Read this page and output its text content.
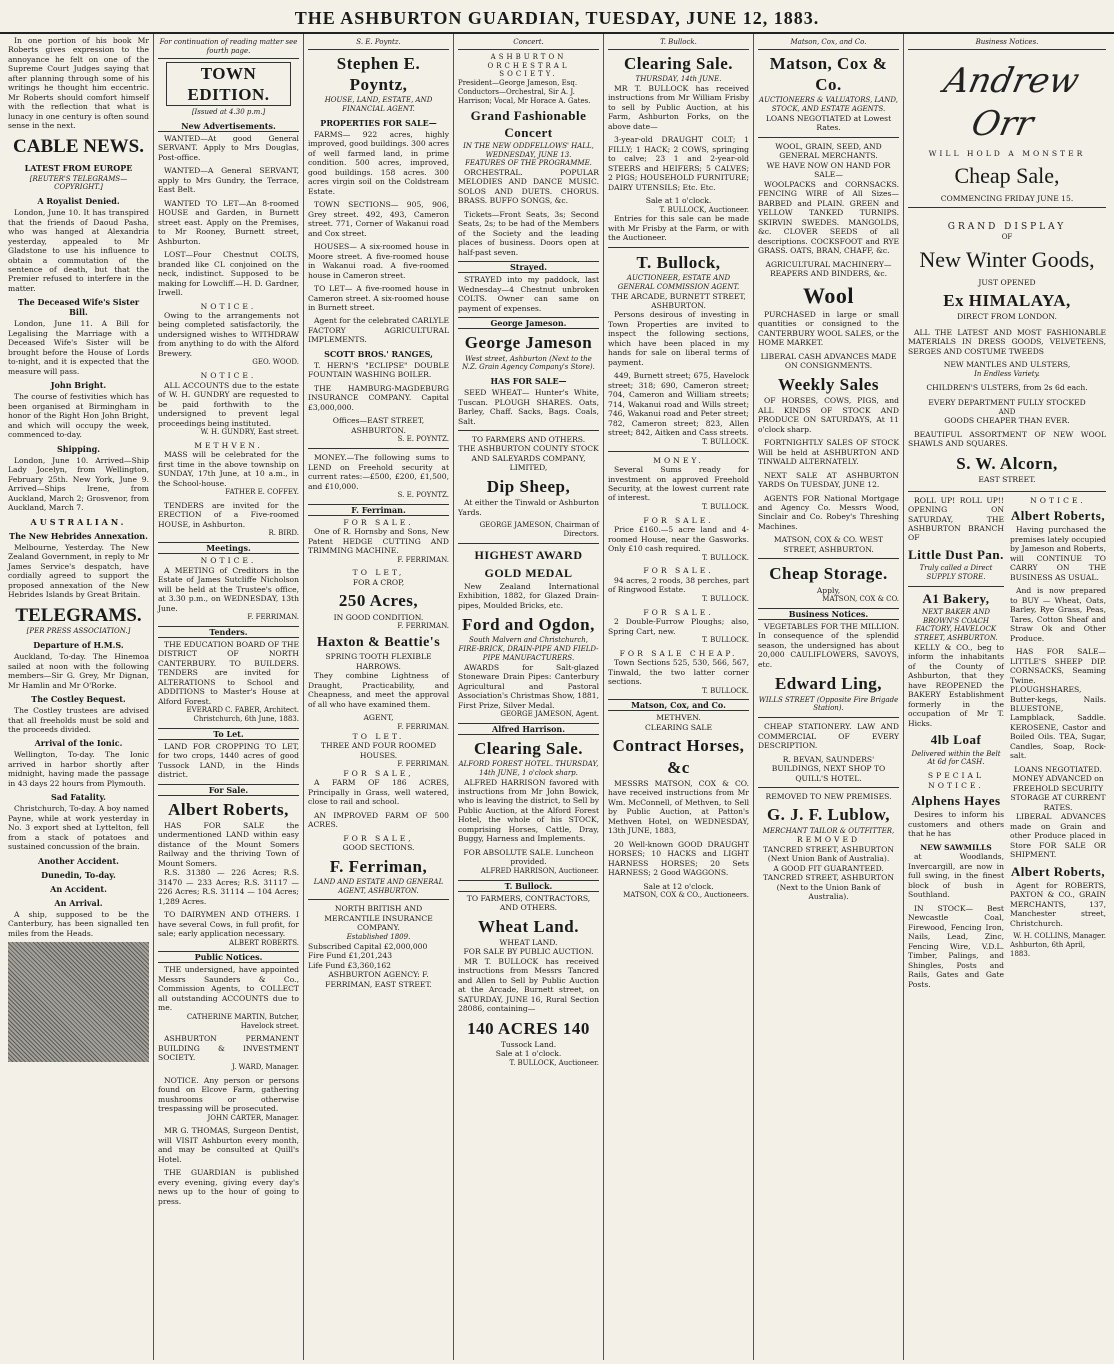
THE ASHBURTON GUARDIAN, TUESDAY, JUNE 12, 1883.

In one portion of his book Mr Roberts gives expression to the annoyance he felt on one of the Supreme Court Judges saying that after planning through some of his writings he thought him eccentric. Mr Roberts should comfort himself with the reflection that what is lunacy in one century is often sound sense in the next.

CABLE NEWS.
LATEST FROM EUROPE
[REUTER'S TELEGRAMS—COPYRIGHT.]
A Royalist Denied.

London, June 10. It has transpired that the friends of Daoud Pasha, who was hanged at Alexandria yesterday, appealed to Mr Gladstone to use his influence to obtain a commutation of the sentence of death, but that the Premier refused to interfere in the matter.

The Deceased Wife's Sister Bill.

London, June 11. A Bill for Legalising the Marriage with a Deceased Wife's Sister will be brought before the House of Lords to-night, and it is expected that the measure will pass.

John Bright.

The course of festivities which has been organised at Birmingham in honor of the Right Hon John Bright, and which will occupy the week, commenced to-day.

Shipping.

London, June 10. Arrived—Ship Lady Jocelyn, from Wellington, February 25th. New York, June 9. Arrived—Ships Irene, from Auckland, March 2; Grosvenor, from Auckland, March 7.

AUSTRALIAN.
The New Hebrides Annexation.

Melbourne, Yesterday. The New Zealand Government, in reply to Mr James Service's despatch, have cordially agreed to support the proposed annexation of the New Hebrides Islands by Great Britain.

TELEGRAMS.
[PER PRESS ASSOCIATION.]
Departure of H.M.S.

Auckland, To-day. The Hinemoa sailed at noon with the following members—Sir G. Grey, Mr Dignan, Mr Hamlin and Mr O'Rorke.

The Costley Bequest.

The Costley trustees are advised that all freeholds must be sold and the proceeds divided.

Arrival of the Ionic.

Wellington, To-day. The Ionic arrived in harbor shortly after midnight, having made the passage in 43 days 22 hours from Plymouth.

Sad Fatality.

Christchurch, To-day. A boy named Payne, while at work yesterday in No. 3 export shed at Lyttelton, fell from a stack of potatoes and sustained concussion of the brain.

Another Accident.
Dunedin, To-day.
An Accident.
An Arrival.

A ship, supposed to be the Canterbury, has been signalled ten miles from the Heads.

For continuation of reading matter see fourth page.
TOWN EDITION.
[Issued at 4.30 p.m.]
New Advertisements.

WANTED—At good General SERVANT. Apply to Mrs Douglas, Post-office.

WANTED—A General SERVANT, apply to Mrs Gundry, the Terrace, East Belt.

WANTED TO LET—An 8-roomed HOUSE and Garden, in Burnett street east. Apply on the Premises, to Mr Rooney, Burnett street, Ashburton.

LOST—Four Chestnut COLTS, branded like CL conjoined on the neck, indistinct. Supposed to be making for Lowcliff.—H. D. Gardner, Irwell.

NOTICE.

Owing to the arrangements not being completed satisfactorily, the undersigned wishes to WITHDRAW from anything to do with the Alford Brewery.

GEO. WOOD.
NOTICE.

ALL ACCOUNTS due to the estate of W. H. GUNDRY are requested to be paid forthwith to the undersigned to prevent legal proceedings being instituted.

W. H. GUNDRY, East street.
METHVEN.

MASS will be celebrated for the first time in the above township on SUNDAY, 17th June, at 10 a.m., in the School-house.

FATHER E. COFFEY.

TENDERS are invited for the ERECTION of a Five-roomed HOUSE, in Ashburton.

R. BIRD.
Meetings.
NOTICE.

A MEETING of Creditors in the Estate of James Sutcliffe Nicholson will be held at the Trustee's office, at 3.30 p.m., on WEDNESDAY, 13th June.

F. FERRIMAN.
Tenders.

THE EDUCATION BOARD OF THE DISTRICT OF NORTH CANTERBURY. TO BUILDERS. TENDERS are invited for ALTERATIONS to School and ADDITIONS to Master's House at Alford Forest.

EVERARD C. FABER, Architect. Christchurch, 6th June, 1883.
To Let.

LAND FOR CROPPING TO LET, for two crops, 1440 acres of good Tussock LAND, in the Hinds district.

For Sale.
Albert Roberts,

HAS FOR SALE the undermentioned LAND within easy distance of the Mount Somers Railway and the thriving Town of Mount Somers.

R.S. 31380 — 226 Acres; R.S. 31470 — 233 Acres; R.S. 31117 — 226 Acres; R.S. 31114 — 104 Acres; 1,289 Acres.

TO DAIRYMEN AND OTHERS. I have several Cows, in full profit, for sale; early application necessary.

ALBERT ROBERTS.
Public Notices.

THE undersigned, have appointed Messrs Saunders & Co., Commission Agents, to COLLECT all outstanding ACCOUNTS due to me.

CATHERINE MARTIN, Butcher, Havelock street.

ASHBURTON PERMANENT BUILDING & INVESTMENT SOCIETY.

J. WARD, Manager.

NOTICE. Any person or persons found on Elcove Farm, gathering mushrooms or otherwise trespassing will be prosecuted.

JOHN CARTER, Manager.

MR G. THOMAS, Surgeon Dentist, will VISIT Ashburton every month, and may be consulted at Quill's Hotel.

THE GUARDIAN is published every evening, giving every day's news up to the hour of going to press.

S. E. Poyntz.
Stephen E. Poyntz,
HOUSE, LAND, ESTATE, AND FINANCIAL AGENT.
PROPERTIES FOR SALE—

FARMS— 922 acres, highly improved, good buildings. 300 acres of well farmed land, in prime condition. 500 acres, improved, good buildings. 158 acres. 300 acres virgin soil on the Coldstream Estate.

TOWN SECTIONS— 905, 906, Grey street. 492, 493, Cameron street. 771, Corner of Wakanui road and Cox street.

HOUSES— A six-roomed house in Moore street. A five-roomed house in Wakanui road. A five-roomed house in Cameron street.

TO LET— A five-roomed house in Cameron street. A six-roomed house in Burnett street.

Agent for the celebrated CARLYLE FACTORY AGRICULTURAL IMPLEMENTS.

SCOTT BROS.' RANGES,

T. HERN'S "ECLIPSE" DOUBLE FOUNTAIN WASHING BOILER.

THE HAMBURG-MAGDEBURG INSURANCE COMPANY. Capital £3,000,000.

Offices—EAST STREET, ASHBURTON.
S. E. POYNTZ.

MONEY.—The following sums to LEND on Freehold security at current rates:—£500, £200, £1,500, and £10,000.

S. E. POYNTZ.
F. Ferriman.
FOR SALE.

One of R. Hornsby and Sons, New Patent HEDGE CUTTING AND TRIMMING MACHINE.

F. FERRIMAN.
TO LET,
FOR A CROP,
250 Acres,
IN GOOD CONDITION.
F. FERRIMAN.
Haxton & Beattie's
SPRING TOOTH FLEXIBLE HARROWS.

They combine Lightness of Draught, Practicability, and Cheapness, and meet the approval of all who have examined them.

AGENT,
F. FERRIMAN.
TO LET.
THREE AND FOUR ROOMED HOUSES.
F. FERRIMAN.
FOR SALE,

A FARM OF 186 ACRES, Principally in Grass, well watered, close to rail and school.

AN IMPROVED FARM OF 500 ACRES.

FOR SALE,
GOOD SECTIONS.
F. Ferriman,
LAND AND ESTATE AND GENERAL AGENT, ASHBURTON.
NORTH BRITISH AND MERCANTILE INSURANCE COMPANY.
Established 1809.
Subscribed Capital £2,000,000
Fire Fund £1,201,243
Life Fund £3,360,162
ASHBURTON AGENCY: F. FERRIMAN, EAST STREET.
Concert.
ASHBURTON ORCHESTRAL SOCIETY.
President—George Jameson, Esq. Conductors—Orchestral, Sir A. J. Harrison; Vocal, Mr Horace A. Gates.
Grand Fashionable Concert
IN THE NEW ODDFELLOWS' HALL, WEDNESDAY, JUNE 13.
FEATURES OF THE PROGRAMME.

ORCHESTRAL. POPULAR MELODIES AND DANCE MUSIC. SOLOS AND DUETS. CHORUS. BRASS. BUFFO SONGS, &c.

Tickets—Front Seats, 3s; Second Seats, 2s; to be had of the Members of the Society and the leading places of business. Doors open at half-past seven.

Strayed.

STRAYED into my paddock, last Wednesday—4 Chestnut unbroken COLTS. Owner can same on payment of expenses.

George Jameson.
George Jameson
West street, Ashburton (Next to the N.Z. Grain Agency Company's Store).
HAS FOR SALE—

SEED WHEAT— Hunter's White, Tuscan. PLOUGH SHARES. Oats, Barley, Chaff. Sacks, Bags. Coals, Salt.

TO FARMERS AND OTHERS.
THE ASHBURTON COUNTY STOCK AND SALEYARDS COMPANY, LIMITED,
Dip Sheep,

At either the Tinwald or Ashburton Yards.

GEORGE JAMESON, Chairman of Directors.
HIGHEST AWARD
GOLD MEDAL

New Zealand International Exhibition, 1882, for Glazed Drain-pipes, Moulded Bricks, etc.

Ford and Ogdon,
South Malvern and Christchurch, FIRE-BRICK, DRAIN-PIPE AND FIELD-PIPE MANUFACTURERS.

AWARDS for Salt-glazed Stoneware Drain Pipes: Canterbury Agricultural and Pastoral Association's Christmas Show, 1881, First Prize, Silver Medal.

GEORGE JAMESON, Agent.
Alfred Harrison.
Clearing Sale.
ALFORD FOREST HOTEL. THURSDAY, 14th JUNE, 1 o'clock sharp.

ALFRED HARRISON favored with instructions from Mr John Bowick, who is leaving the district, to Sell by Public Auction, at the Alford Forest Hotel, the whole of his STOCK, comprising Horses, Cattle, Dray, Buggy, Harness and Implements.

FOR ABSOLUTE SALE. Luncheon provided.
ALFRED HARRISON, Auctioneer.
T. Bullock.
TO FARMERS, CONTRACTORS, AND OTHERS.
Wheat Land.
WHEAT LAND.
FOR SALE BY PUBLIC AUCTION.

MR T. BULLOCK has received instructions from Messrs Tancred and Allen to Sell by Public Auction at the Arcade, Burnett street, on SATURDAY, JUNE 16, Rural Section 28086, containing—

140 ACRES 140
Tussock Land.
Sale at 1 o'clock.
T. BULLOCK, Auctioneer.
T. Bullock.
Clearing Sale.
THURSDAY, 14th JUNE.

MR T. BULLOCK has received instructions from Mr William Frisby to sell by Public Auction, at his Farm, Ashburton Forks, on the above date—

3-year-old DRAUGHT COLT; 1 FILLY; 1 HACK; 2 COWS, springing to calve; 23 1 and 2-year-old STEERS and HEIFERS; 5 CALVES; 2 PIGS; HOUSEHOLD FURNITURE; DAIRY UTENSILS; Etc. Etc.

Sale at 1 o'clock.
T. BULLOCK, Auctioneer.

Entries for this sale can be made with Mr Frisby at the Farm, or with the Auctioneer.

T. Bullock,
AUCTIONEER, ESTATE AND GENERAL COMMISSION AGENT.
THE ARCADE, BURNETT STREET, ASHBURTON.

Persons desirous of investing in Town Properties are invited to inspect the following sections, which have been placed in my hands for sale on liberal terms of payment.

449, Burnett street; 675, Havelock street; 318; 690, Cameron street; 704, Cameron and William streets; 714, Wakanui road and Wills street; 746, Wakanui road and Peter street; 782, Cameron street; 823, Allen street; 842, Aitken and Cass streets.

T. BULLOCK.
MONEY.

Several Sums ready for investment on approved Freehold Security, at the lowest current rate of interest.

T. BULLOCK.
FOR SALE.

Price £160.—5 acre land and 4-roomed House, near the Gasworks. Only £10 cash required.

T. BULLOCK.
FOR SALE.

94 acres, 2 roods, 38 perches, part of Ringwood Estate.

T. BULLOCK.
FOR SALE.

2 Double-Furrow Ploughs; also, Spring Cart, new.

T. BULLOCK.
FOR SALE CHEAP.

Town Sections 525, 530, 566, 567, Tinwald, the two latter corner sections.

T. BULLOCK.
Matson, Cox, and Co.
METHVEN.
CLEARING SALE
Contract Horses, &c

MESSRS MATSON, COX & CO. have received instructions from Mr Wm. McConnell, of Methven, to Sell by Public Auction, at Patton's Methven Hotel, on WEDNESDAY, 13th JUNE, 1883,

20 Well-known GOOD DRAUGHT HORSES; 10 HACKS and LIGHT HARNESS HORSES; 20 Sets HARNESS; 2 Good WAGGONS.

Sale at 12 o'clock.
MATSON, COX & CO., Auctioneers.
Matson, Cox, and Co.
Matson, Cox & Co.
AUCTIONEERS & VALUATORS, LAND, STOCK, AND ESTATE AGENTS.
LOANS NEGOTIATED at Lowest Rates.
WOOL, GRAIN, SEED, AND GENERAL MERCHANTS.
WE HAVE NOW ON HAND FOR SALE—

WOOLPACKS and CORNSACKS. FENCING WIRE of All Sizes—BARBED and PLAIN. GREEN and YELLOW TANKED TURNIPS. SKIRVIN SWEDES. MANGOLDS, &c. CLOVER SEEDS of all descriptions. COCKSFOOT and RYE GRASS. OATS, BRAN, CHAFF, &c.

AGRICULTURAL MACHINERY—REAPERS AND BINDERS, &c.
Wool

PURCHASED in large or small quantities or consigned to the CANTERBURY WOOL SALES, or the HOME MARKET.

LIBERAL CASH ADVANCES MADE ON CONSIGNMENTS.
Weekly Sales

OF HORSES, COWS, PIGS, and ALL KINDS OF STOCK AND PRODUCE ON SATURDAYS, At 11 o'clock sharp.

FORTNIGHTLY SALES OF STOCK Will be held at ASHBURTON AND TINWALD ALTERNATELY.

NEXT SALE AT ASHBURTON YARDS On TUESDAY, JUNE 12.

AGENTS FOR National Mortgage and Agency Co. Messrs Wood, Sinclair and Co. Robey's Threshing Machines.

MATSON, COX & CO. WEST STREET, ASHBURTON.
Cheap Storage.
Apply,
MATSON, COX & CO.
Business Notices.

VEGETABLES FOR THE MILLION. In consequence of the splendid season, the undersigned has about 20,000 CAULIFLOWERS, SAVOYS, etc.

Edward Ling,
WILLS STREET (Opposite Fire Brigade Station).

CHEAP STATIONERY. LAW AND COMMERCIAL OF EVERY DESCRIPTION.

R. BEVAN, SAUNDERS' BUILDINGS, NEXT SHOP TO QUILL'S HOTEL.
REMOVED TO NEW PREMISES.
G. J. F. Lublow,
MERCHANT TAILOR & OUTFITTER,
REMOVED
TANCRED STREET, ASHBURTON (Next Union Bank of Australia).
A GOOD FIT GUARANTEED.
TANCRED STREET, ASHBURTON (Next to the Union Bank of Australia).
Business Notices.
Andrew Orr
WILL HOLD A MONSTER
Cheap Sale,
COMMENCING FRIDAY JUNE 15.
GRAND DISPLAY
OF
New Winter Goods,
JUST OPENED
Ex HIMALAYA,
DIRECT FROM LONDON.

ALL THE LATEST AND MOST FASHIONABLE MATERIALS IN DRESS GOODS, VELVETEENS, SERGES AND COSTUME TWEEDS

NEW MANTLES AND ULSTERS,
In Endless Variety.
CHILDREN'S ULSTERS, from 2s 6d each.
EVERY DEPARTMENT FULLY STOCKED
AND
GOODS CHEAPER THAN EVER.

BEAUTIFUL ASSORTMENT OF NEW WOOL SHAWLS AND SQUARES.

S. W. Alcorn,
EAST STREET.

ROLL UP! ROLL UP!! OPENING ON SATURDAY, THE ASHBURTON BRANCH OF

Little Dust Pan.
Truly called a Direct SUPPLY STORE.
A1 Bakery,
NEXT BAKER AND BROWN'S COACH FACTORY, HAVELOCK STREET, ASHBURTON.

KELLY & CO., beg to inform the inhabitants of the County of Ashburton, that they have REOPENED the BAKERY Establishment formerly in the occupation of Mr T. Hicks.

4lb Loaf
Delivered within the Belt At 6d for CASH.
SPECIAL NOTICE.
Alphens Hayes

Desires to inform his customers and others that he has

NEW SAWMILLS

at Woodlands, Invercargill, are now in full swing, in the finest block of bush in Southland.

IN STOCK— Best Newcastle Coal, Firewood, Fencing Iron, Nails, Lead, Zinc, Fencing Wire, V.D.L. Timber, Palings, and Shingles, Posts and Rails, Gates and Gate Posts.

NOTICE.
Albert Roberts,

Having purchased the premises lately occupied by Jameson and Roberts, will CONTINUE TO CARRY ON THE BUSINESS AS USUAL.

And is now prepared to BUY — Wheat, Oats, Barley, Rye Grass, Peas, Tares, Cotton Sheaf and Straw Ok and Other Produce.

HAS FOR SALE— LITTLE'S SHEEP DIP. CORNSACKS, Seaming Twine. PLOUGHSHARES, Butter-kegs, Nails. BLUESTONE, Lampblack, Saddle. KEROSENE, Castor and Boiled Oils. TEA, Sugar, Candles, Soap, Rock-salt.

LOANS NEGOTIATED.
MONEY ADVANCED on FREEHOLD SECURITY
STORAGE AT CURRENT RATES.

LIBERAL ADVANCES made on Grain and other Produce placed in Store FOR SALE OR SHIPMENT.

Albert Roberts,

Agent for ROBERTS, PAXTON & CO., GRAIN MERCHANTS, 137, Manchester street, Christchurch.

W. H. COLLINS, Manager.
Ashburton, 6th April, 1883.
